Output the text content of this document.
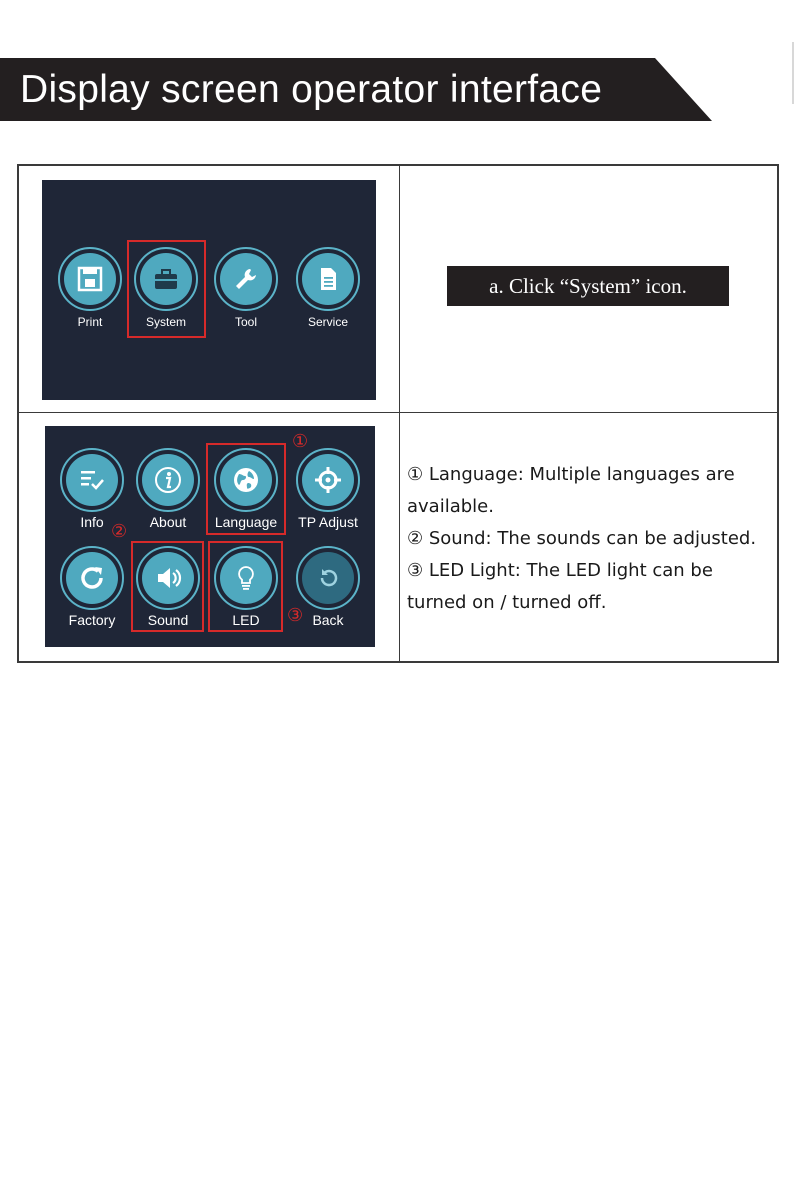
Display screen operator interface
Print	System	Tool	Service
a. Click “System” icon.
Info	About Language TP Adjust
Factory Sound	LED	Back
①
②
③

① Language: Multiple languages are available.

② Sound: The sounds can be adjusted.

③ LED Light: The LED light can be turned on / turned off.
